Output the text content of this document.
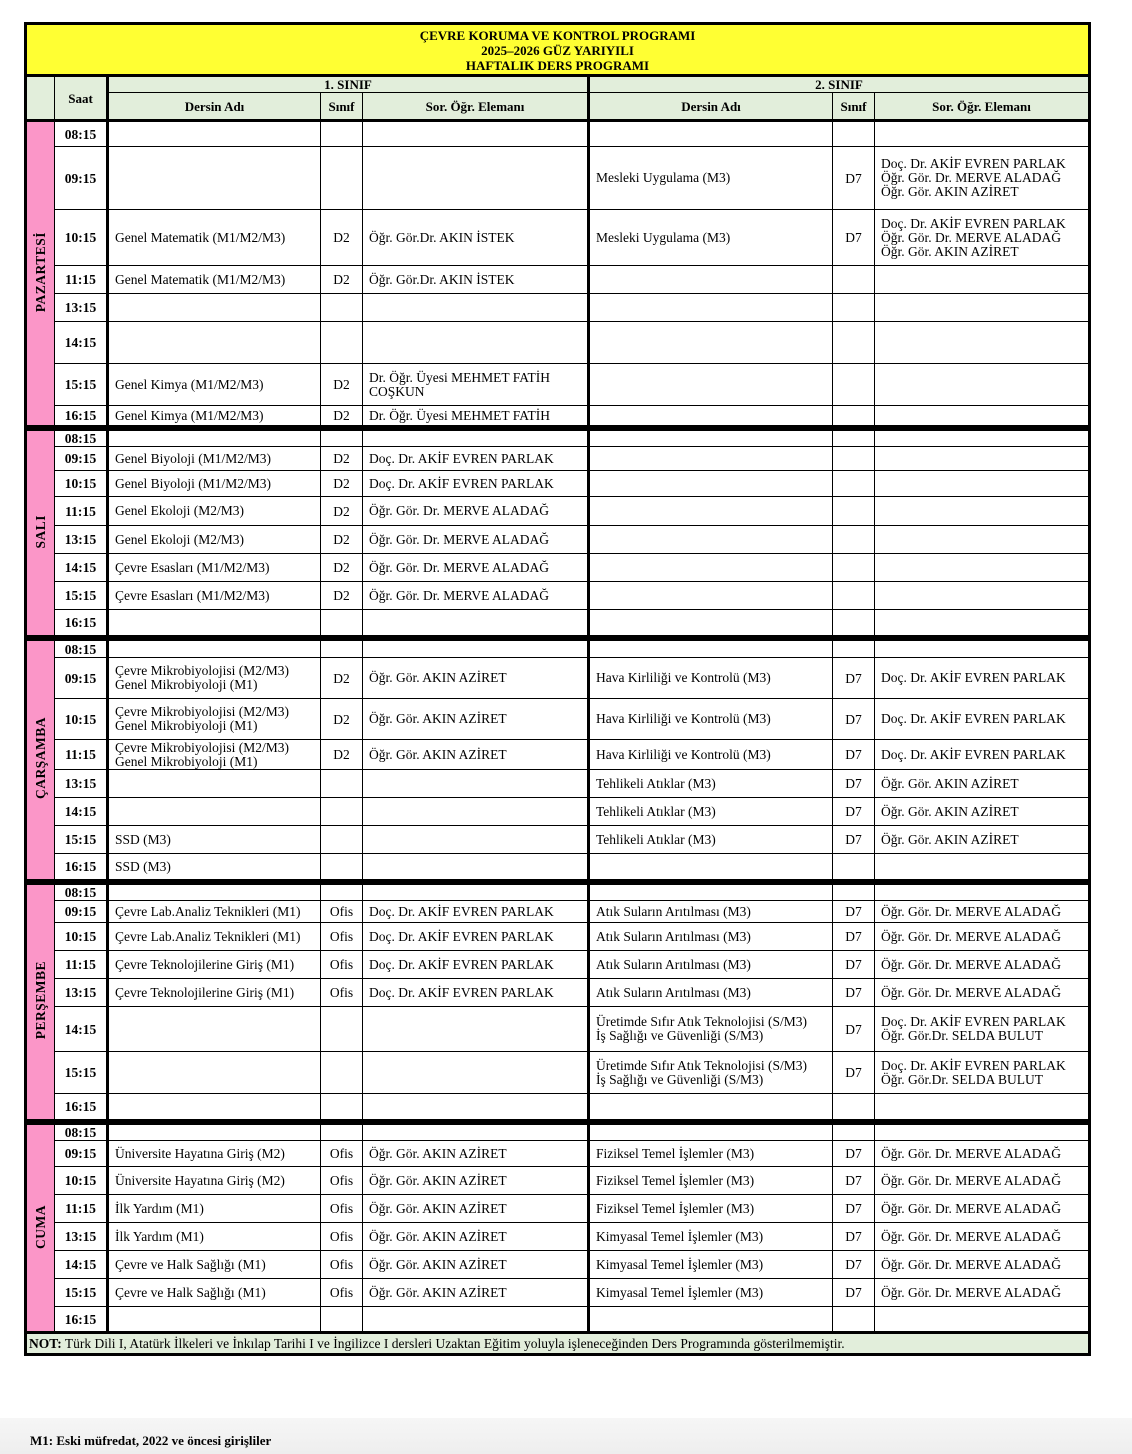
ÇEVRE KORUMA VE KONTROL PROGRAMI
2025–2026 GÜZ YARIYILI
HAFTALIK DERS PROGRAMI							

	Saat	1. SINIF			2. SINIF		
		Dersin Adı	Sınıf	Sor. Öğr. Elemanı	Dersin Adı	Sınıf	Sor. Öğr. Elemanı
PAZARTESİ	08:15						
	09:15				Mesleki Uygulama (M3)	D7	Doç. Dr. AKİF EVREN PARLAK
Öğr. Gör. Dr. MERVE ALADAĞ
Öğr. Gör. AKIN AZİRET
	10:15	Genel Matematik (M1/M2/M3)	D2	Öğr. Gör.Dr. AKIN İSTEK	Mesleki Uygulama (M3)	D7	Doç. Dr. AKİF EVREN PARLAK
Öğr. Gör. Dr. MERVE ALADAĞ
Öğr. Gör. AKIN AZİRET
	11:15	Genel Matematik (M1/M2/M3)	D2	Öğr. Gör.Dr. AKIN İSTEK			
	13:15						
	14:15						
	15:15	Genel Kimya (M1/M2/M3)	D2	Dr. Öğr. Üyesi MEHMET FATİH
COŞKUN			
	16:15	Genel Kimya (M1/M2/M3)	D2	Dr. Öğr. Üyesi MEHMET FATİH			

SALI	08:15						
	09:15	Genel Biyoloji (M1/M2/M3)	D2	Doç. Dr. AKİF EVREN PARLAK			
	10:15	Genel Biyoloji (M1/M2/M3)	D2	Doç. Dr. AKİF EVREN PARLAK			
	11:15	Genel Ekoloji (M2/M3)	D2	Öğr. Gör. Dr. MERVE ALADAĞ			
	13:15	Genel Ekoloji (M2/M3)	D2	Öğr. Gör. Dr. MERVE ALADAĞ			
	14:15	Çevre Esasları (M1/M2/M3)	D2	Öğr. Gör. Dr. MERVE ALADAĞ			
	15:15	Çevre Esasları (M1/M2/M3)	D2	Öğr. Gör. Dr. MERVE ALADAĞ			
	16:15						

ÇARŞAMBA	08:15						
	09:15	Çevre Mikrobiyolojisi (M2/M3)
Genel Mikrobiyoloji (M1)	D2	Öğr. Gör. AKIN AZİRET	Hava Kirliliği ve Kontrolü (M3)	D7	Doç. Dr. AKİF EVREN PARLAK
	10:15	Çevre Mikrobiyolojisi (M2/M3)
Genel Mikrobiyoloji (M1)	D2	Öğr. Gör. AKIN AZİRET	Hava Kirliliği ve Kontrolü (M3)	D7	Doç. Dr. AKİF EVREN PARLAK
	11:15	Çevre Mikrobiyolojisi (M2/M3)
Genel Mikrobiyoloji (M1)	D2	Öğr. Gör. AKIN AZİRET	Hava Kirliliği ve Kontrolü (M3)	D7	Doç. Dr. AKİF EVREN PARLAK
	13:15				Tehlikeli Atıklar (M3)	D7	Öğr. Gör. AKIN AZİRET
	14:15				Tehlikeli Atıklar (M3)	D7	Öğr. Gör. AKIN AZİRET
	15:15	SSD (M3)			Tehlikeli Atıklar (M3)	D7	Öğr. Gör. AKIN AZİRET
	16:15	SSD (M3)					

PERŞEMBE	08:15						
	09:15	Çevre Lab.Analiz Teknikleri (M1)	Ofis	Doç. Dr. AKİF EVREN PARLAK	Atık Suların Arıtılması (M3)	D7	Öğr. Gör. Dr. MERVE ALADAĞ
	10:15	Çevre Lab.Analiz Teknikleri (M1)	Ofis	Doç. Dr. AKİF EVREN PARLAK	Atık Suların Arıtılması (M3)	D7	Öğr. Gör. Dr. MERVE ALADAĞ
	11:15	Çevre Teknolojilerine Giriş (M1)	Ofis	Doç. Dr. AKİF EVREN PARLAK	Atık Suların Arıtılması (M3)	D7	Öğr. Gör. Dr. MERVE ALADAĞ
	13:15	Çevre Teknolojilerine Giriş (M1)	Ofis	Doç. Dr. AKİF EVREN PARLAK	Atık Suların Arıtılması (M3)	D7	Öğr. Gör. Dr. MERVE ALADAĞ
	14:15				Üretimde Sıfır Atık Teknolojisi (S/M3)
İş Sağlığı ve Güvenliği (S/M3)	D7	Doç. Dr. AKİF EVREN PARLAK
Öğr. Gör.Dr. SELDA BULUT
	15:15				Üretimde Sıfır Atık Teknolojisi (S/M3)
İş Sağlığı ve Güvenliği (S/M3)	D7	Doç. Dr. AKİF EVREN PARLAK
Öğr. Gör.Dr. SELDA BULUT
	16:15						

CUMA	08:15						
	09:15	Üniversite Hayatına Giriş (M2)	Ofis	Öğr. Gör. AKIN AZİRET	Fiziksel Temel İşlemler (M3)	D7	Öğr. Gör. Dr. MERVE ALADAĞ
	10:15	Üniversite Hayatına Giriş (M2)	Ofis	Öğr. Gör. AKIN AZİRET	Fiziksel Temel İşlemler (M3)	D7	Öğr. Gör. Dr. MERVE ALADAĞ
	11:15	İlk Yardım (M1)	Ofis	Öğr. Gör. AKIN AZİRET	Fiziksel Temel İşlemler (M3)	D7	Öğr. Gör. Dr. MERVE ALADAĞ
	13:15	İlk Yardım (M1)	Ofis	Öğr. Gör. AKIN AZİRET	Kimyasal Temel İşlemler (M3)	D7	Öğr. Gör. Dr. MERVE ALADAĞ
	14:15	Çevre ve Halk Sağlığı (M1)	Ofis	Öğr. Gör. AKIN AZİRET	Kimyasal Temel İşlemler (M3)	D7	Öğr. Gör. Dr. MERVE ALADAĞ
	15:15	Çevre ve Halk Sağlığı (M1)	Ofis	Öğr. Gör. AKIN AZİRET	Kimyasal Temel İşlemler (M3)	D7	Öğr. Gör. Dr. MERVE ALADAĞ
	16:15						
NOT: Türk Dili I, Atatürk İlkeleri ve İnkılap Tarihi I ve İngilizce I dersleri Uzaktan Eğitim yoluyla işleneceğinden Ders Programında gösterilmemiştir.							
M1: Eski müfredat, 2022 ve öncesi girişliler
